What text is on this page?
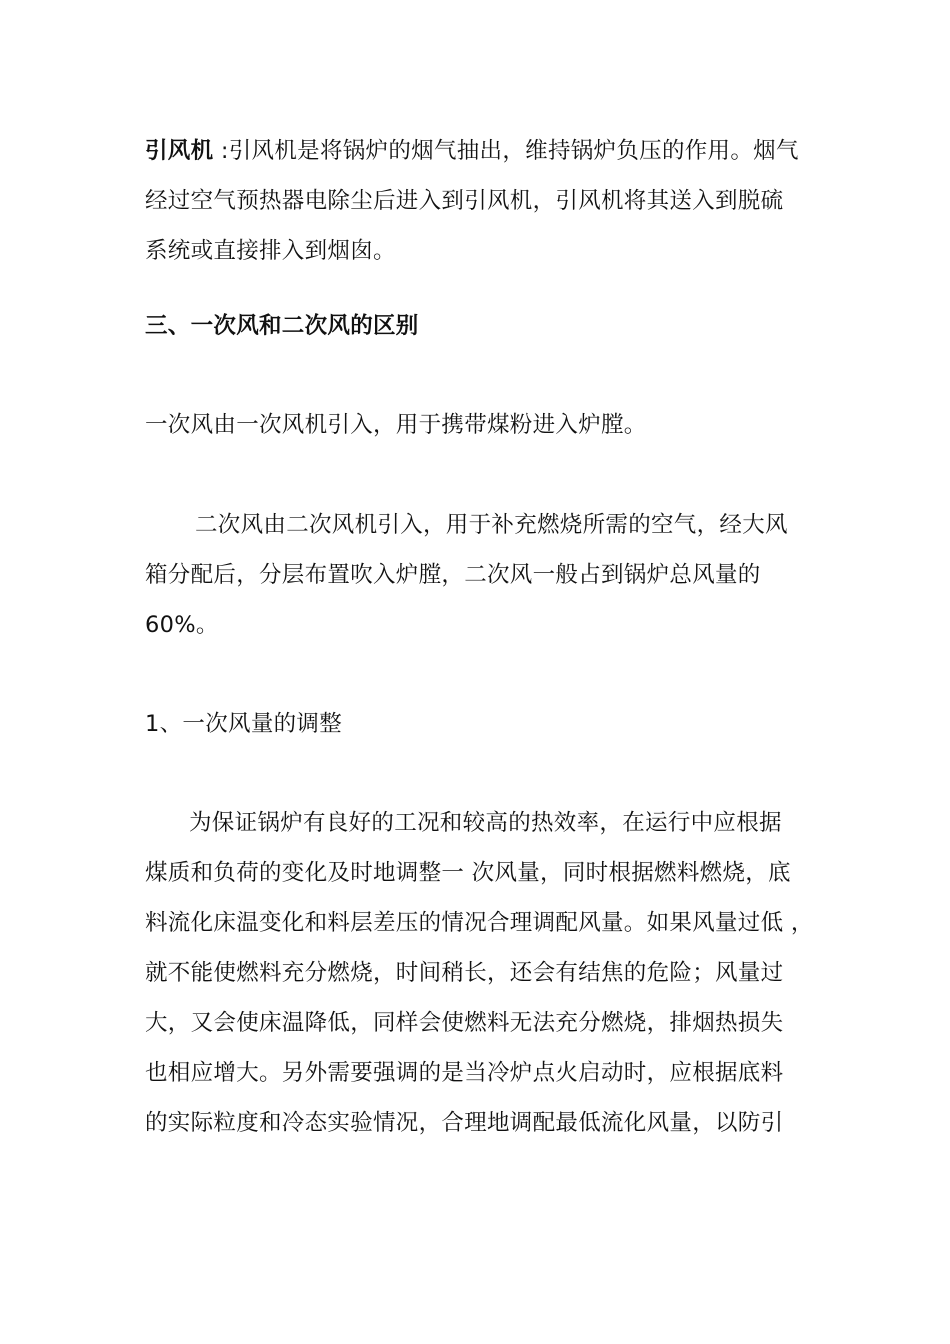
引风机 :引风机是将锅炉的烟气抽出，维持锅炉负压的作用。烟气
经过空气预热器电除尘后进入到引风机，引风机将其送入到脱硫
系统或直接排入到烟囱。
三、一次风和二次风的区别
一次风由一次风机引入，用于携带煤粉进入炉膛。
二次风由二次风机引入，用于补充燃烧所需的空气，经大风
箱分配后，分层布置吹入炉膛，二次风一般占到锅炉总风量的
60%。
1、一次风量的调整
为保证锅炉有良好的工况和较高的热效率，在运行中应根据
煤质和负荷的变化及时地调整一 次风量，同时根据燃料燃烧，底
料流化床温变化和料层差压的情况合理调配风量。如果风量过低 ，
就不能使燃料充分燃烧，时间稍长，还会有结焦的危险；风量过
大，又会使床温降低，同样会使燃料无法充分燃烧，排烟热损失
也相应增大。另外需要强调的是当冷炉点火启动时，应根据底料
的实际粒度和冷态实验情况，合理地调配最低流化风量，以防引
